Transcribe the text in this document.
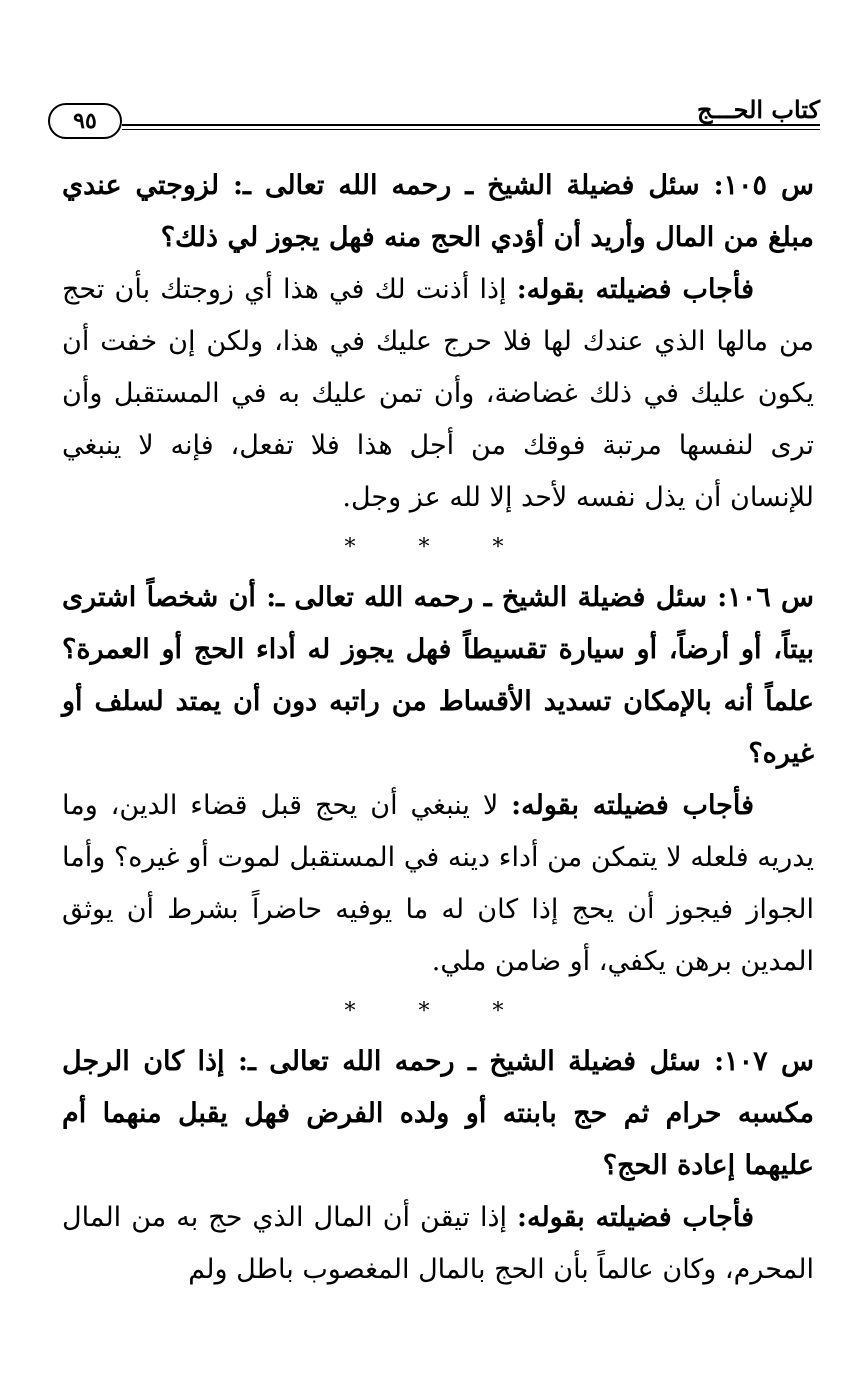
كتاب الحـــج
٩٥

س ١٠٥: سئل فضيلة الشيخ ـ رحمه الله تعالى ـ: لزوجتي عندي مبلغ من المال وأريد أن أؤدي الحج منه فهل يجوز لي ذلك؟

فأجاب فضيلته بقوله: إذا أذنت لك في هذا أي زوجتك بأن تحج من مالها الذي عندك لها فلا حرج عليك في هذا، ولكن إن خفت أن يكون عليك في ذلك غضاضة، وأن تمن عليك به في المستقبل وأن ترى لنفسها مرتبة فوقك من أجل هذا فلا تفعل، فإنه لا ينبغي للإنسان أن يذل نفسه لأحد إلا لله عز وجل.

* * *

س ١٠٦: سئل فضيلة الشيخ ـ رحمه الله تعالى ـ: أن شخصاً اشترى بيتاً، أو أرضاً، أو سيارة تقسيطاً فهل يجوز له أداء الحج أو العمرة؟ علماً أنه بالإمكان تسديد الأقساط من راتبه دون أن يمتد لسلف أو غيره؟

فأجاب فضيلته بقوله: لا ينبغي أن يحج قبل قضاء الدين، وما يدريه فلعله لا يتمكن من أداء دينه في المستقبل لموت أو غيره؟ وأما الجواز فيجوز أن يحج إذا كان له ما يوفيه حاضراً بشرط أن يوثق المدين برهن يكفي، أو ضامن ملي.

* * *

س ١٠٧: سئل فضيلة الشيخ ـ رحمه الله تعالى ـ: إذا كان الرجل مكسبه حرام ثم حج بابنته أو ولده الفرض فهل يقبل منهما أم عليهما إعادة الحج؟

فأجاب فضيلته بقوله: إذا تيقن أن المال الذي حج به من المال المحرم، وكان عالماً بأن الحج بالمال المغصوب باطل ولم
